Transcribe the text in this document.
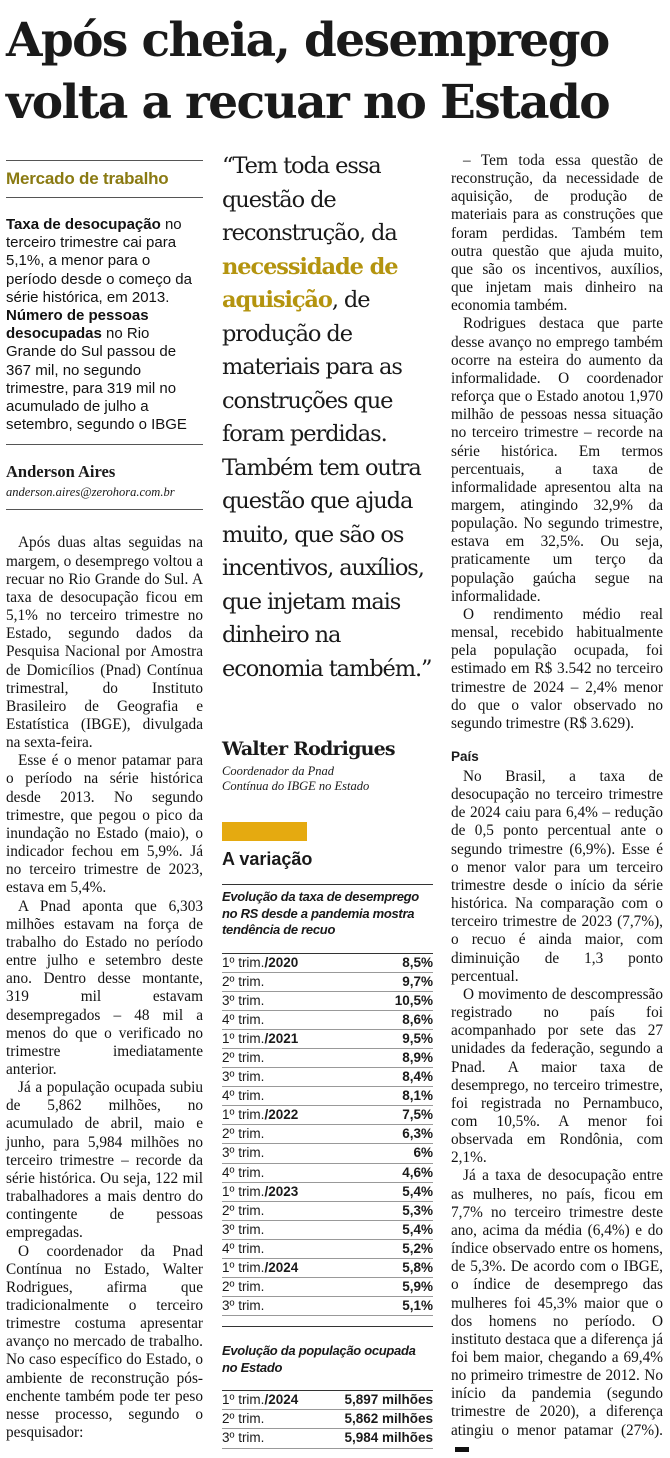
Após cheia, desemprego
volta a recuar no Estado
Mercado de trabalho
Taxa de desocupação no terceiro trimestre cai para 5,1%, a menor para o período desde o começo da série histórica, em 2013. Número de pessoas desocupadas no Rio Grande do Sul passou de 367 mil, no segundo trimestre, para 319 mil no acumulado de julho a setembro, segundo o IBGE
Anderson Aires
anderson.aires@zerohora.com.br

Após duas altas seguidas na margem, o desemprego voltou a recuar no Rio Grande do Sul. A taxa de desocupação ficou em 5,1% no terceiro trimestre no Estado, segundo dados da Pesquisa Nacional por Amostra de Domicílios (Pnad) Contínua trimestral, do Instituto Brasileiro de Geografia e Estatística (IBGE), divulgada na sexta-feira.

Esse é o menor patamar para o período na série histórica desde 2013. No segundo trimestre, que pegou o pico da inundação no Estado (maio), o indicador fechou em 5,9%. Já no terceiro trimestre de 2023, estava em 5,4%.

A Pnad aponta que 6,303 milhões estavam na força de trabalho do Estado no período entre julho e setembro deste ano. Dentro desse montante, 319 mil estavam desempregados – 48 mil a menos do que o verificado no trimestre imediatamente anterior.

Já a população ocupada subiu de 5,862 milhões, no acumulado de abril, maio e junho, para 5,984 milhões no terceiro trimestre – recorde da série histórica. Ou seja, 122 mil trabalhadores a mais dentro do contingente de pessoas empregadas.

O coordenador da Pnad Contínua no Estado, Walter Rodrigues, afirma que tradicionalmente o terceiro trimestre costuma apresentar avanço no mercado de trabalho. No caso específico do Estado, o ambiente de reconstrução pós-enchente também pode ter peso nesse processo, segundo o pesquisador:

“Tem toda essa questão de reconstrução, da necessidade de aquisição, de produção de materiais para as construções que foram perdidas. Também tem outra questão que ajuda muito, que são os incentivos, auxílios, que injetam mais dinheiro na economia também.”
Walter Rodrigues
Coordenador da Pnad
Contínua do IBGE no Estado
A variação
Evolução da taxa de desemprego no RS desde a pandemia mostra tendência de recuo
1º trim./2020	8,5%
2º trim.	9,7%
3º trim.	10,5%
4º trim.	8,6%
1º trim./2021	9,5%
2º trim.	8,9%
3º trim.	8,4%
4º trim.	8,1%
1º trim./2022	7,5%
2º trim.	6,3%
3º trim.	6%
4º trim.	4,6%
1º trim./2023	5,4%
2º trim.	5,3%
3º trim.	5,4%
4º trim.	5,2%
1º trim./2024	5,8%
2º trim.	5,9%
3º trim.	5,1%
Evolução da população ocupada no Estado
1º trim./2024	5,897 milhões
2º trim.	5,862 milhões
3º trim.	5,984 milhões

– Tem toda essa questão de reconstrução, da necessidade de aquisição, de produção de materiais para as construções que foram perdidas. Também tem outra questão que ajuda muito, que são os incentivos, auxílios, que injetam mais dinheiro na economia também.

Rodrigues destaca que parte desse avanço no emprego também ocorre na esteira do aumento da informalidade. O coordenador reforça que o Estado anotou 1,970 milhão de pessoas nessa situação no terceiro trimestre – recorde na série histórica. Em termos percentuais, a taxa de informalidade apresentou alta na margem, atingindo 32,9% da população. No segundo trimestre, estava em 32,5%. Ou seja, praticamente um terço da população gaúcha segue na informalidade.

O rendimento médio real mensal, recebido habitualmente pela população ocupada, foi estimado em R$ 3.542 no terceiro trimestre de 2024 – 2,4% menor do que o valor observado no segundo trimestre (R$ 3.629).

País

No Brasil, a taxa de desocupação no terceiro trimestre de 2024 caiu para 6,4% – redução de 0,5 ponto percentual ante o segundo trimestre (6,9%). Esse é o menor valor para um terceiro trimestre desde o início da série histórica. Na comparação com o terceiro trimestre de 2023 (7,7%), o recuo é ainda maior, com diminuição de 1,3 ponto percentual.

O movimento de descompressão registrado no país foi acompanhado por sete das 27 unidades da federação, segundo a Pnad. A maior taxa de desemprego, no terceiro trimestre, foi registrada no Pernambuco, com 10,5%. A menor foi observada em Rondônia, com 2,1%.

Já a taxa de desocupação entre as mulheres, no país, ficou em 7,7% no terceiro trimestre deste ano, acima da média (6,4%) e do índice observado entre os homens, de 5,3%. De acordo com o IBGE, o índice de desemprego das mulheres foi 45,3% maior que o dos homens no período. O instituto destaca que a diferença já foi bem maior, chegando a 69,4% no primeiro trimestre de 2012. No início da pandemia (segundo trimestre de 2020), a diferença atingiu o menor patamar (27%).
